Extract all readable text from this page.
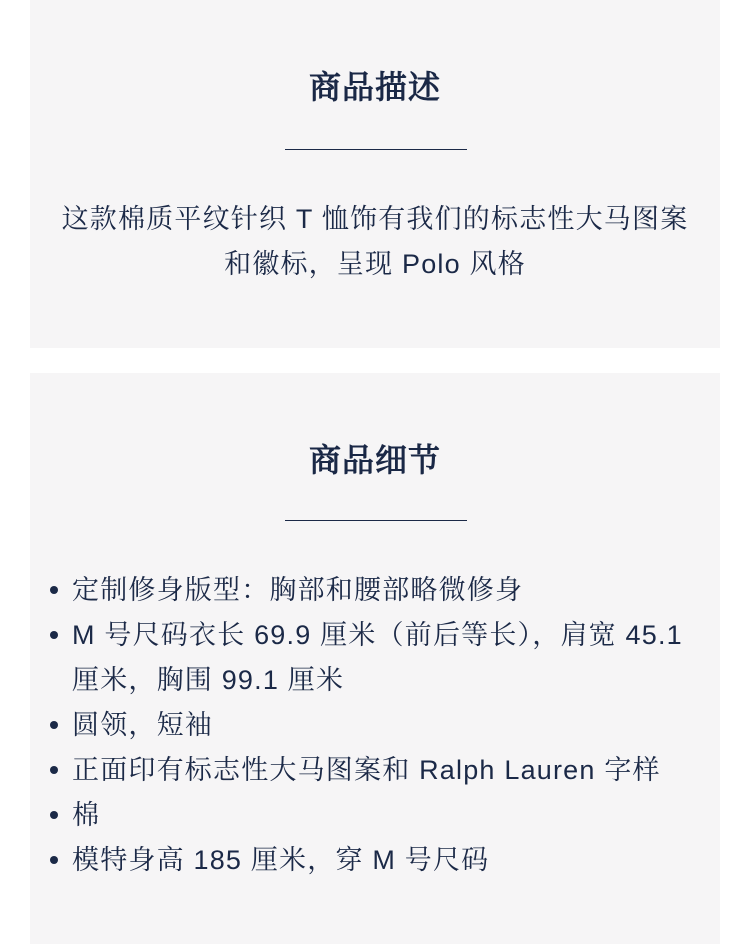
商品描述

这款棉质平纹针织 T 恤饰有我们的标志性大马图案和徽标，呈现 Polo 风格

商品细节
定制修身版型：胸部和腰部略微修身
M 号尺码衣长 69.9 厘米（前后等长），肩宽 45.1 厘米，胸围 99.1 厘米
圆领，短袖
正面印有标志性大马图案和 Ralph Lauren 字样
棉
模特身高 185 厘米，穿 M 号尺码
